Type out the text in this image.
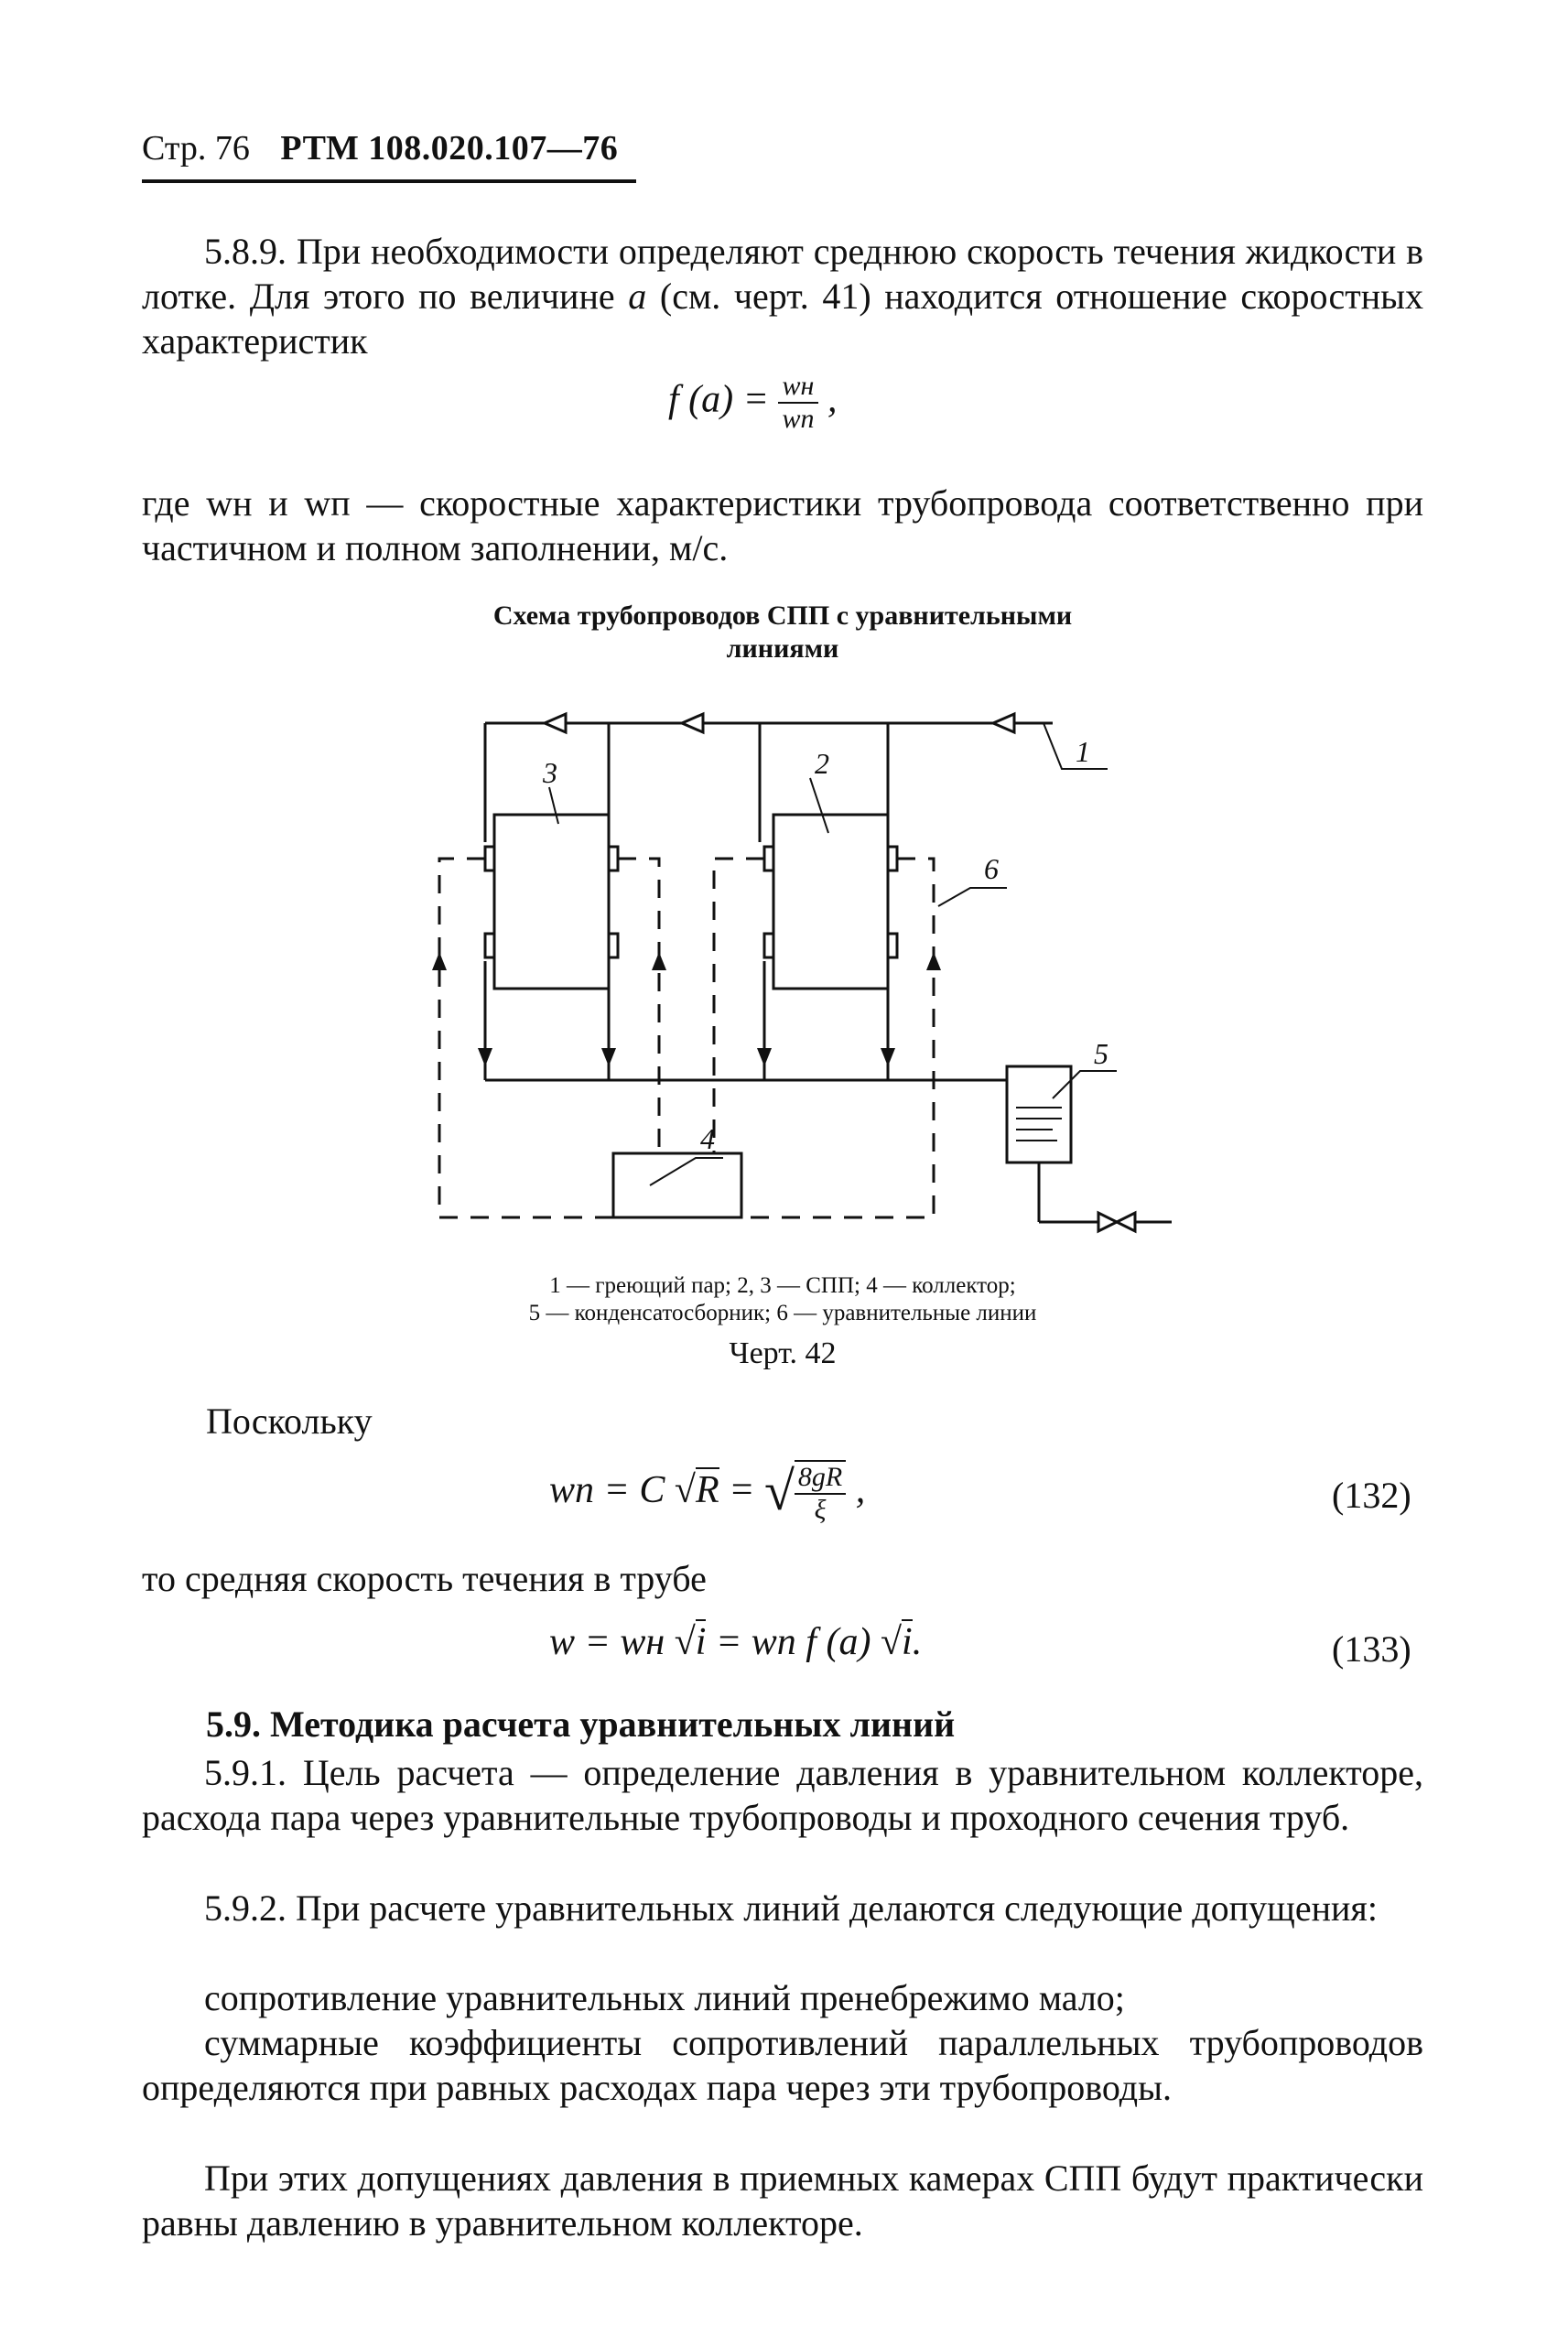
Стр. 76 РТМ 108.020.107—76
5.8.9. При необходимости определяют среднюю скорость течения жидкости в лотке. Для этого по величине a (см. черт. 41) находится отношение скоростных характеристик
f $(a) = \frac{wн}{wп}$ ,
где wн и wп — скоростные характеристики трубопровода соответственно при частичном и полном заполнении, м/с.
Схема трубопроводов СПП с уравнительными
линиями
1
2
3
4
5
6
1 — греющий пар; 2, 3 — СПП; 4 — коллектор;
5 — конденсатосборник; 6 — уравнительные линии
Черт. 42
Поскольку
wп = C √R = √ $\frac{8gR}{\xi}$ ,	(132)
то средняя скорость течения в трубе
w = wн √i = wп f (a) √i.	(133)
5.9. Методика расчета уравнительных линий
5.9.1. Цель расчета — определение давления в уравнительном коллекторе, расхода пара через уравнительные трубопроводы и проходного сечения труб.
5.9.2. При расчете уравнительных линий делаются следующие допущения:
сопротивление уравнительных линий пренебрежимо мало;
суммарные коэффициенты сопротивлений параллельных трубопроводов определяются при равных расходах пара через эти трубопроводы.
При этих допущениях давления в приемных камерах СПП будут практически равны давлению в уравнительном коллекторе.
